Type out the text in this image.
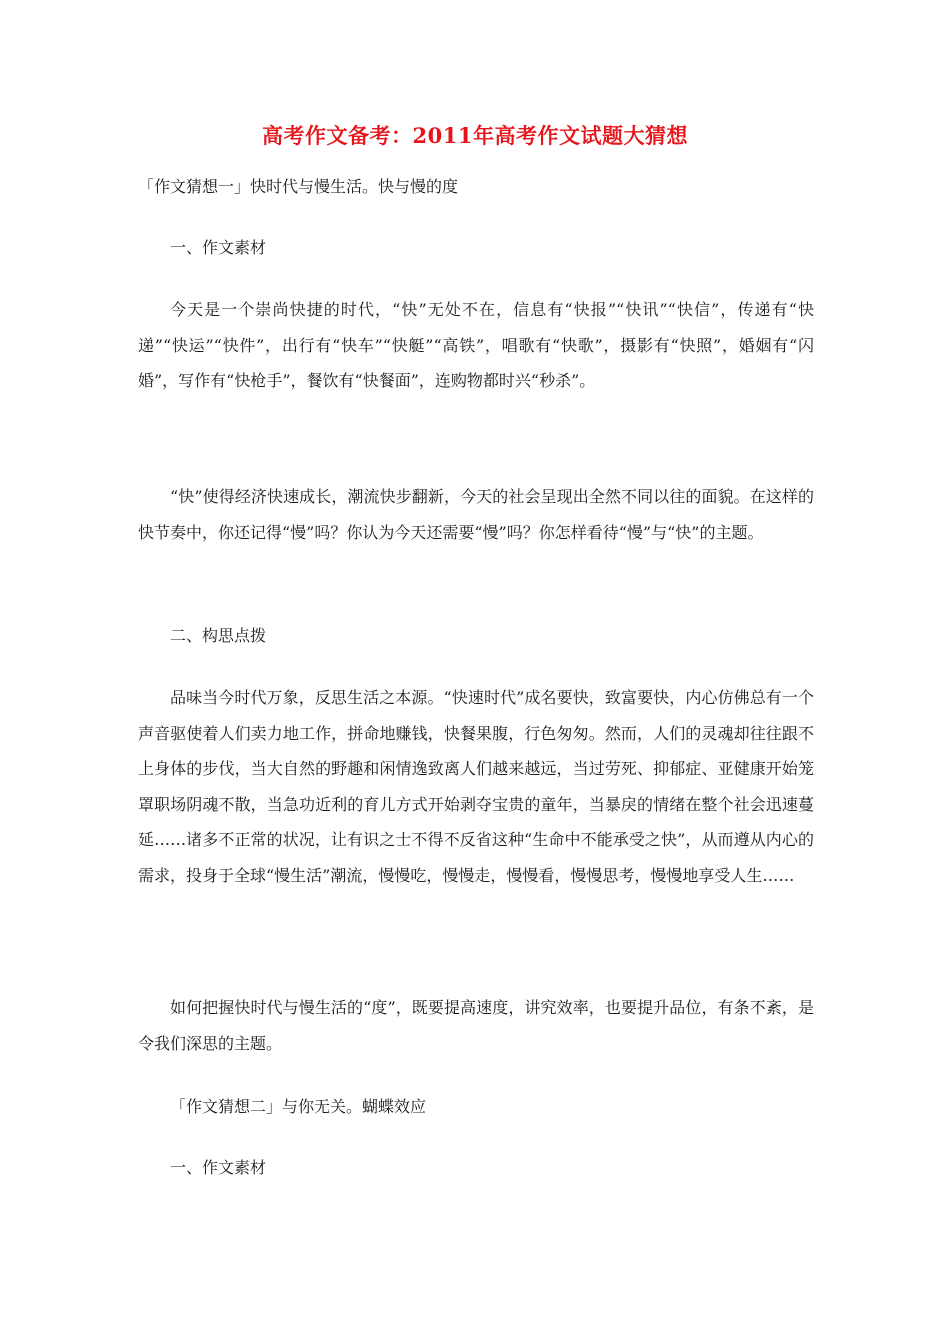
高考作文备考：2011年高考作文试题大猜想
「作文猜想一」快时代与慢生活。快与慢的度
一、作文素材
今天是一个崇尚快捷的时代，“快”无处不在，信息有“快报”“快讯”“快信”，传递有“快递”“快运”“快件”，出行有“快车”“快艇”“高铁”，唱歌有“快歌”，摄影有“快照”，婚姻有“闪婚”，写作有“快枪手”，餐饮有“快餐面”，连购物都时兴“秒杀”。
“快”使得经济快速成长，潮流快步翻新，今天的社会呈现出全然不同以往的面貌。在这样的快节奏中，你还记得“慢”吗？你认为今天还需要“慢”吗？你怎样看待“慢”与“快”的主题。
二、构思点拨
品味当今时代万象，反思生活之本源。“快速时代”成名要快，致富要快，内心仿佛总有一个声音驱使着人们卖力地工作，拼命地赚钱，快餐果腹，行色匆匆。然而，人们的灵魂却往往跟不上身体的步伐，当大自然的野趣和闲情逸致离人们越来越远，当过劳死、抑郁症、亚健康开始笼罩职场阴魂不散，当急功近利的育儿方式开始剥夺宝贵的童年，当暴戾的情绪在整个社会迅速蔓延……诸多不正常的状况，让有识之士不得不反省这种“生命中不能承受之快”，从而遵从内心的需求，投身于全球“慢生活”潮流，慢慢吃，慢慢走，慢慢看，慢慢思考，慢慢地享受人生……
如何把握快时代与慢生活的“度”，既要提高速度，讲究效率，也要提升品位，有条不紊，是令我们深思的主题。
「作文猜想二」与你无关。蝴蝶效应
一、作文素材
